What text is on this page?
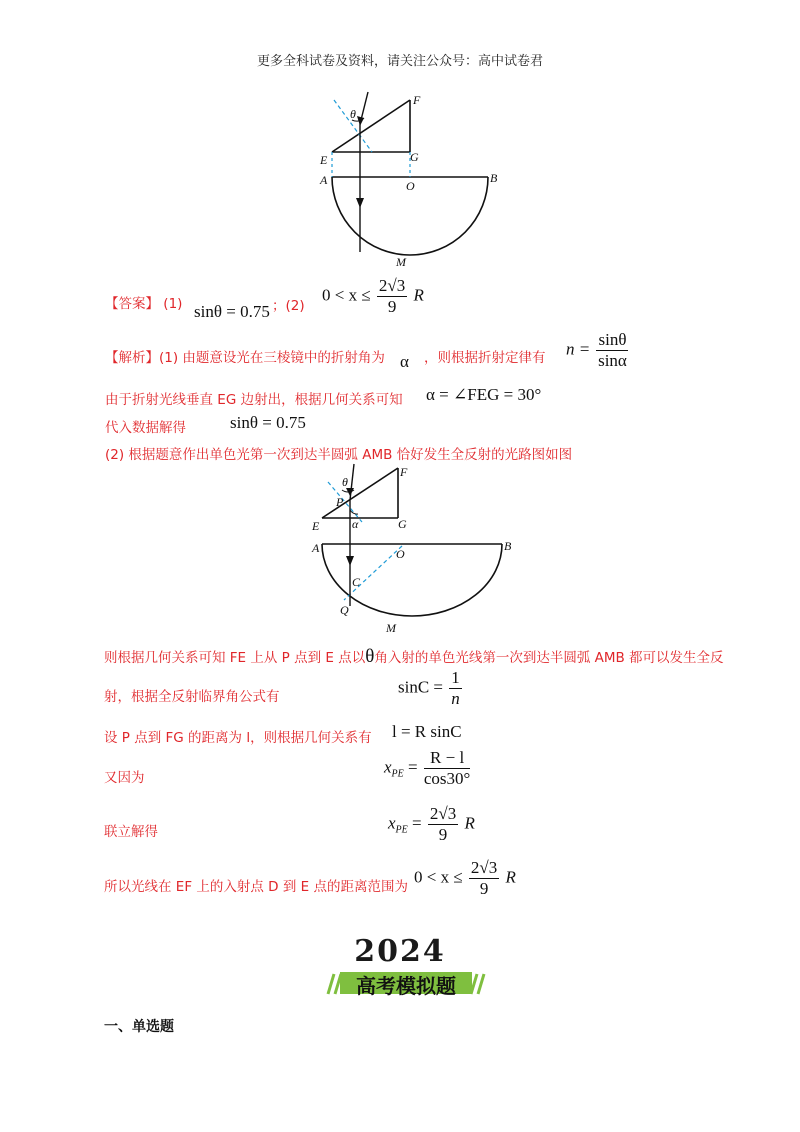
更多全科试卷及资料，请关注公众号：高中试卷君
θ
F
E	G
A	O
B
M
【答案】 (1) sinθ = 0.75 ；(2)
$0 < x \le \frac{2√3}{9}$ R
【解析】(1) 由题意设光在三棱镜中的折射角为 α ，则根据折射定律有 $n = \frac{\sin\theta}{\sin\alpha}$
由于折射光线垂直 EG 边射出，根据几何关系可知 α = ∠FEG = 30°
代入数据解得	sinθ = 0.75
(2) 根据题意作出单色光第一次到达半圆弧 AMB 恰好发生全反射的光路图如图
θ
F
P
E	α	G
A	O
B
C
Q
M
则根据几何关系可知 FE 上从 P 点到 E 点以θ角入射的单色光线第一次到达半圆弧 AMB 都可以发生全反
射，根据全反射临界角公式有
$\sin C = \frac{1}{n}$
设 P 点到 FG 的距离为 l，则根据几何关系有 l = R sinC
又因为
$x_{PE} = \frac{R - l}{\cos 30^\circ}$
联立解得	$x_{PE} = \frac{2√3}{9}$ R
所以光线在 EF 上的入射点 D 到 E 点的距离范围为
$0 < x \le \frac{2√3}{9}$ R
2024
高考模拟题
一、单选题
